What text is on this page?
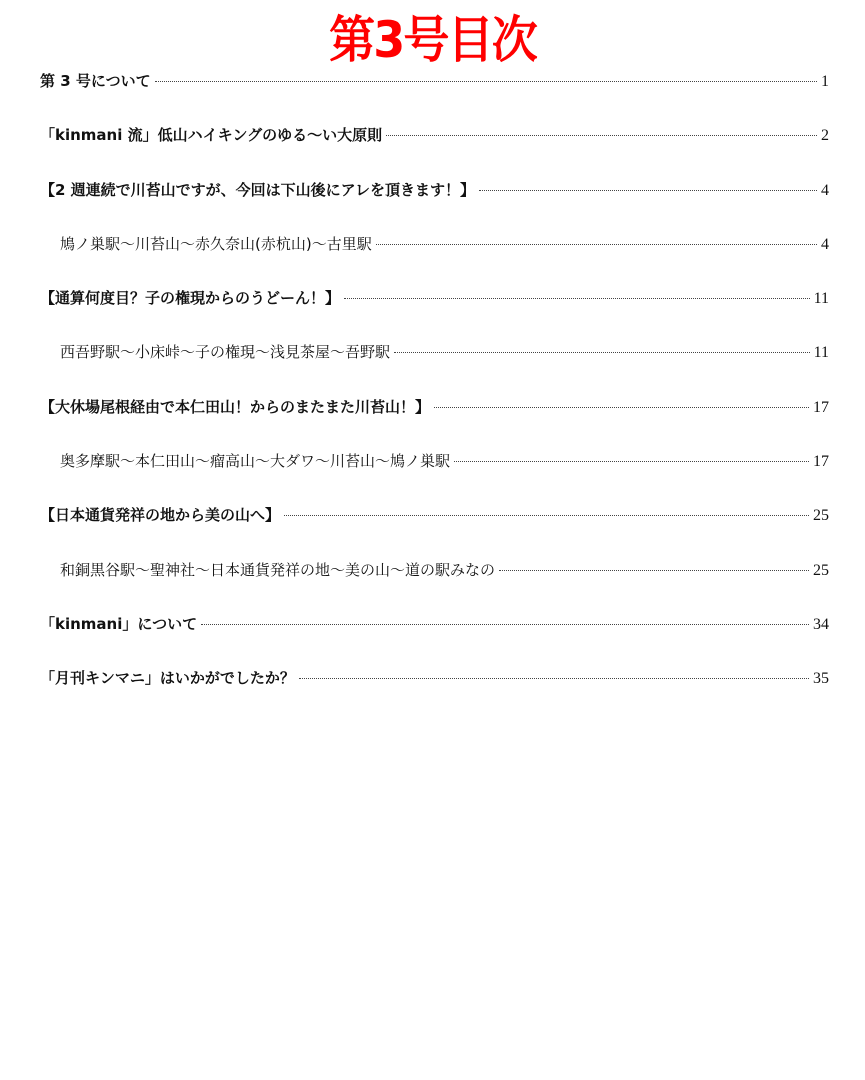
第3号目次
第 3 号について	1
「kinmani 流」低山ハイキングのゆる～い大原則	2
【2 週連続で川苔山ですが、今回は下山後にアレを頂きます！】	4
鳩ノ巣駅～川苔山～赤久奈山(赤杭山)～古里駅	4
【通算何度目？子の権現からのうどーん！】	11
西吾野駅～小床峠～子の権現～浅見茶屋～吾野駅	11
【大休場尾根経由で本仁田山！からのまたまた川苔山！】	17
奥多摩駅～本仁田山～瘤高山～大ダワ～川苔山～鳩ノ巣駅	17
【日本通貨発祥の地から美の山へ】	25
和銅黒谷駅～聖神社～日本通貨発祥の地～美の山～道の駅みなの	25
「kinmani」について	34
「月刊キンマニ」はいかがでしたか？	35
